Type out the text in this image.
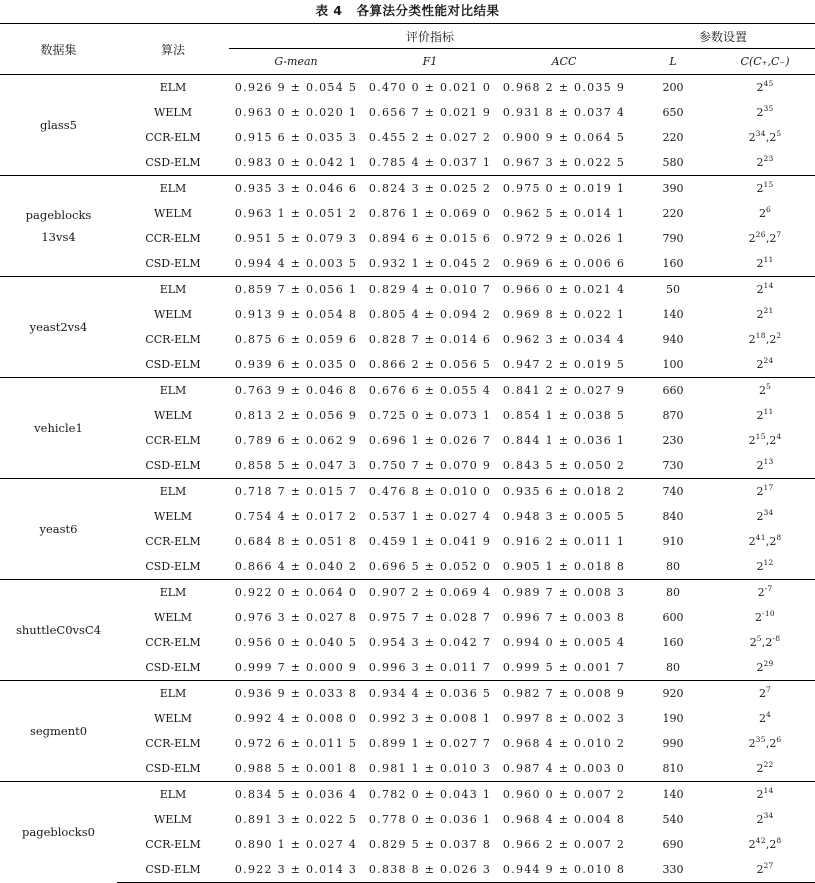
表 4 各算法分类性能对比结果
数据集	算法	评价指标			参数设置	
		G-mean	F1	ACC	L	C(C₊,C₋)
glass5	ELM	0.926 9 ± 0.054 5	0.470 0 ± 0.021 0	0.968 2 ± 0.035 9	200	$2^{45}$
	WELM	0.963 0 ± 0.020 1	0.656 7 ± 0.021 9	0.931 8 ± 0.037 4	650	$2^{35}$
	CCR-ELM	0.915 6 ± 0.035 3	0.455 2 ± 0.027 2	0.900 9 ± 0.064 5	220	$2^{34},2^5$
	CSD-ELM	0.983 0 ± 0.042 1	0.785 4 ± 0.037 1	0.967 3 ± 0.022 5	580	$2^{23}$
pageblocks
13vs4	ELM	0.935 3 ± 0.046 6	0.824 3 ± 0.025 2	0.975 0 ± 0.019 1	390	$2^{15}$
	WELM	0.963 1 ± 0.051 2	0.876 1 ± 0.069 0	0.962 5 ± 0.014 1	220	$2^6$
	CCR-ELM	0.951 5 ± 0.079 3	0.894 6 ± 0.015 6	0.972 9 ± 0.026 1	790	$2^{26},2^7$
	CSD-ELM	0.994 4 ± 0.003 5	0.932 1 ± 0.045 2	0.969 6 ± 0.006 6	160	$2^{11}$
yeast2vs4	ELM	0.859 7 ± 0.056 1	0.829 4 ± 0.010 7	0.966 0 ± 0.021 4	50	$2^{14}$
	WELM	0.913 9 ± 0.054 8	0.805 4 ± 0.094 2	0.969 8 ± 0.022 1	140	$2^{21}$
	CCR-ELM	0.875 6 ± 0.059 6	0.828 7 ± 0.014 6	0.962 3 ± 0.034 4	940	$2^{18},2^2$
	CSD-ELM	0.939 6 ± 0.035 0	0.866 2 ± 0.056 5	0.947 2 ± 0.019 5	100	$2^{24}$
vehicle1	ELM	0.763 9 ± 0.046 8	0.676 6 ± 0.055 4	0.841 2 ± 0.027 9	660	$2^5$
	WELM	0.813 2 ± 0.056 9	0.725 0 ± 0.073 1	0.854 1 ± 0.038 5	870	$2^{11}$
	CCR-ELM	0.789 6 ± 0.062 9	0.696 1 ± 0.026 7	0.844 1 ± 0.036 1	230	$2^{15},2^4$
	CSD-ELM	0.858 5 ± 0.047 3	0.750 7 ± 0.070 9	0.843 5 ± 0.050 2	730	$2^{13}$
yeast6	ELM	0.718 7 ± 0.015 7	0.476 8 ± 0.010 0	0.935 6 ± 0.018 2	740	$2^{17}$
	WELM	0.754 4 ± 0.017 2	0.537 1 ± 0.027 4	0.948 3 ± 0.005 5	840	$2^{34}$
	CCR-ELM	0.684 8 ± 0.051 8	0.459 1 ± 0.041 9	0.916 2 ± 0.011 1	910	$2^{41},2^8$
	CSD-ELM	0.866 4 ± 0.040 2	0.696 5 ± 0.052 0	0.905 1 ± 0.018 8	80	$2^{12}$
shuttleC0vsC4	ELM	0.922 0 ± 0.064 0	0.907 2 ± 0.069 4	0.989 7 ± 0.008 3	80	$2^{-7}$
	WELM	0.976 3 ± 0.027 8	0.975 7 ± 0.028 7	0.996 7 ± 0.003 8	600	$2^{-10}$
	CCR-ELM	0.956 0 ± 0.040 5	0.954 3 ± 0.042 7	0.994 0 ± 0.005 4	160	$2^5,2^{-8}$
	CSD-ELM	0.999 7 ± 0.000 9	0.996 3 ± 0.011 7	0.999 5 ± 0.001 7	80	$2^{29}$
segment0	ELM	0.936 9 ± 0.033 8	0.934 4 ± 0.036 5	0.982 7 ± 0.008 9	920	$2^7$
	WELM	0.992 4 ± 0.008 0	0.992 3 ± 0.008 1	0.997 8 ± 0.002 3	190	$2^4$
	CCR-ELM	0.972 6 ± 0.011 5	0.899 1 ± 0.027 7	0.968 4 ± 0.010 2	990	$2^{35},2^6$
	CSD-ELM	0.988 5 ± 0.001 8	0.981 1 ± 0.010 3	0.987 4 ± 0.003 0	810	$2^{22}$
pageblocks0	ELM	0.834 5 ± 0.036 4	0.782 0 ± 0.043 1	0.960 0 ± 0.007 2	140	$2^{14}$
	WELM	0.891 3 ± 0.022 5	0.778 0 ± 0.036 1	0.968 4 ± 0.004 8	540	$2^{34}$
	CCR-ELM	0.890 1 ± 0.027 4	0.829 5 ± 0.037 8	0.966 2 ± 0.007 2	690	$2^{42},2^8$
	CSD-ELM	0.922 3 ± 0.014 3	0.838 8 ± 0.026 3	0.944 9 ± 0.010 8	330	$2^{27}$
